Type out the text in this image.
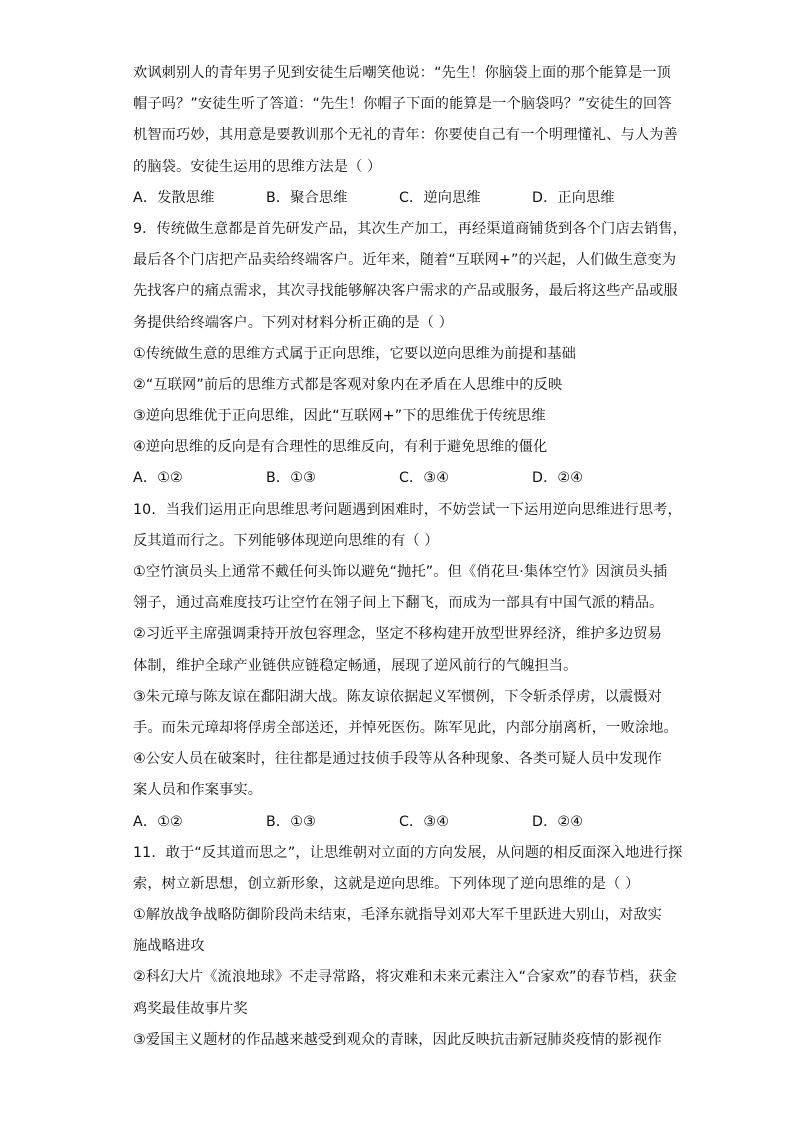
欢讽刺别人的青年男子见到安徒生后嘲笑他说：“先生！你脑袋上面的那个能算是一顶
帽子吗？”安徒生听了答道：“先生！你帽子下面的能算是一个脑袋吗？”安徒生的回答
机智而巧妙，其用意是要教训那个无礼的青年：你要使自己有一个明理懂礼、与人为善
的脑袋。安徒生运用的思维方法是（ ）
A．发散思维	B．聚合思维	C．逆向思维	D．正向思维
9．传统做生意都是首先研发产品，其次生产加工，再经渠道商铺货到各个门店去销售，
最后各个门店把产品卖给终端客户。近年来，随着“互联网+”的兴起，人们做生意变为
先找客户的痛点需求，其次寻找能够解决客户需求的产品或服务，最后将这些产品或服
务提供给终端客户。下列对材料分析正确的是（ ）
①传统做生意的思维方式属于正向思维，它要以逆向思维为前提和基础
②“互联网”前后的思维方式都是客观对象内在矛盾在人思维中的反映
③逆向思维优于正向思维，因此“互联网+”下的思维优于传统思维
④逆向思维的反向是有合理性的思维反向，有利于避免思维的僵化
A．①②	B．①③	C．③④	D．②④
10．当我们运用正向思维思考问题遇到困难时，不妨尝试一下运用逆向思维进行思考，
反其道而行之。下列能够体现逆向思维的有（ ）
①空竹演员头上通常不戴任何头饰以避免“抛托”。但《俏花旦·集体空竹》因演员头插
翎子，通过高难度技巧让空竹在翎子间上下翻飞，而成为一部具有中国气派的精品。
②习近平主席强调秉持开放包容理念，坚定不移构建开放型世界经济，维护多边贸易
体制，维护全球产业链供应链稳定畅通，展现了逆风前行的气魄担当。
③朱元璋与陈友谅在鄱阳湖大战。陈友谅依据起义军惯例，下令斩杀俘虏，以震慑对
手。而朱元璋却将俘虏全部送还，并悼死医伤。陈军见此，内部分崩离析，一败涂地。
④公安人员在破案时，往往都是通过技侦手段等从各种现象、各类可疑人员中发现作
案人员和作案事实。
A．①②	B．①③	C．③④	D．②④
11．敢于“反其道而思之”，让思维朝对立面的方向发展，从问题的相反面深入地进行探
索，树立新思想，创立新形象，这就是逆向思维。下列体现了逆向思维的是（ ）
①解放战争战略防御阶段尚未结束，毛泽东就指导刘邓大军千里跃进大别山，对敌实
施战略进攻
②科幻大片《流浪地球》不走寻常路，将灾难和未来元素注入“合家欢”的春节档，获金
鸡奖最佳故事片奖
③爱国主义题材的作品越来越受到观众的青睐，因此反映抗击新冠肺炎疫情的影视作
